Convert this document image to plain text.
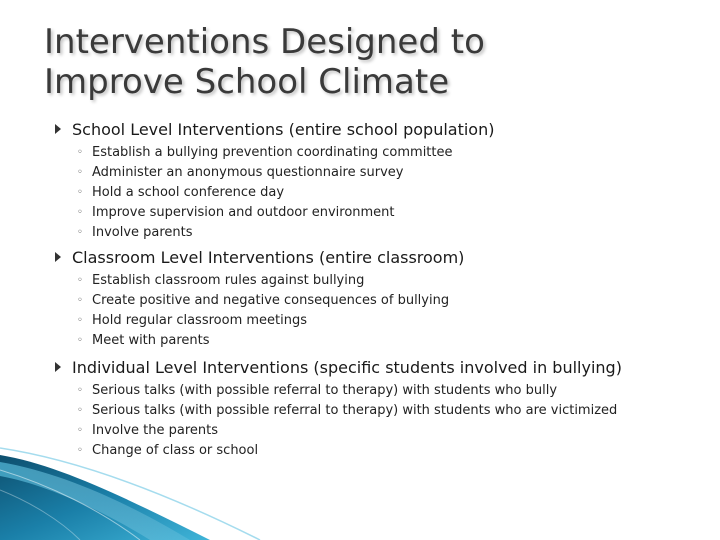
Interventions Designed to
Improve School Climate
School Level Interventions (entire school population)
◦ Establish a bullying prevention coordinating committee
◦ Administer an anonymous questionnaire survey
◦ Hold a school conference day
◦ Improve supervision and outdoor environment
◦ Involve parents
Classroom Level Interventions (entire classroom)
◦ Establish classroom rules against bullying
◦ Create positive and negative consequences of bullying
◦ Hold regular classroom meetings
◦ Meet with parents
Individual Level Interventions (specific students involved in bullying)
◦ Serious talks (with possible referral to therapy) with students who bully
◦ Serious talks (with possible referral to therapy) with students who are victimized
◦ Involve the parents
◦ Change of class or school
